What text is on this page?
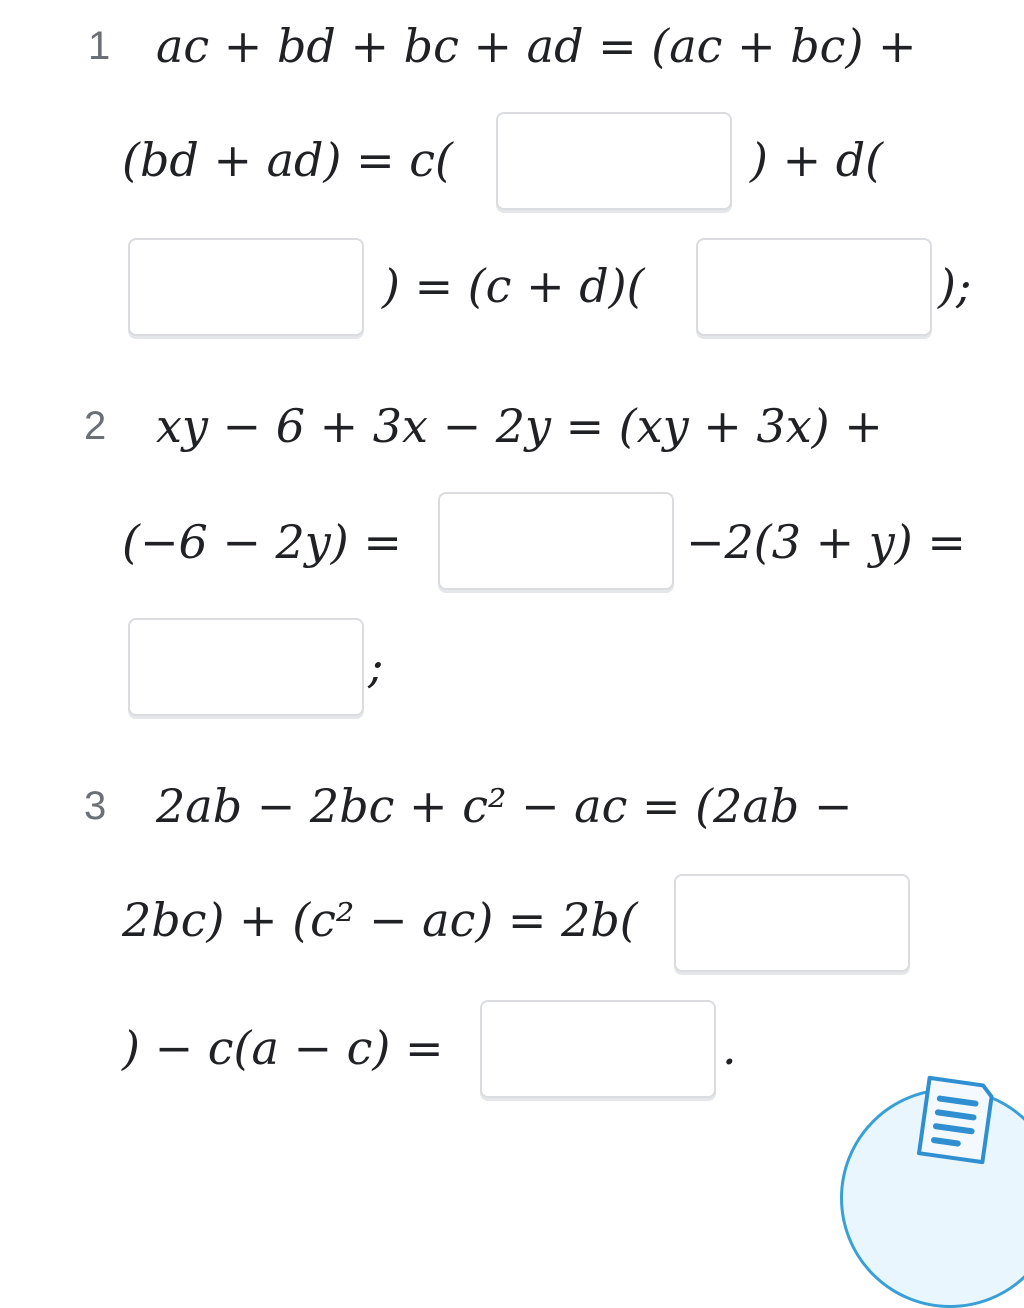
1 ac + bd + bc + ad = (ac + bc) +
(bd + ad) = c(	) + d(
) = (c + d)(	);
2 xy − 6 + 3x − 2y = (xy + 3x) +
(−6 − 2y) =	−2(3 + y) =
;
3 2ab − 2bc + c² − ac = (2ab −
2bc) + (c² − ac) = 2b(
) − c(a − c) =	.
